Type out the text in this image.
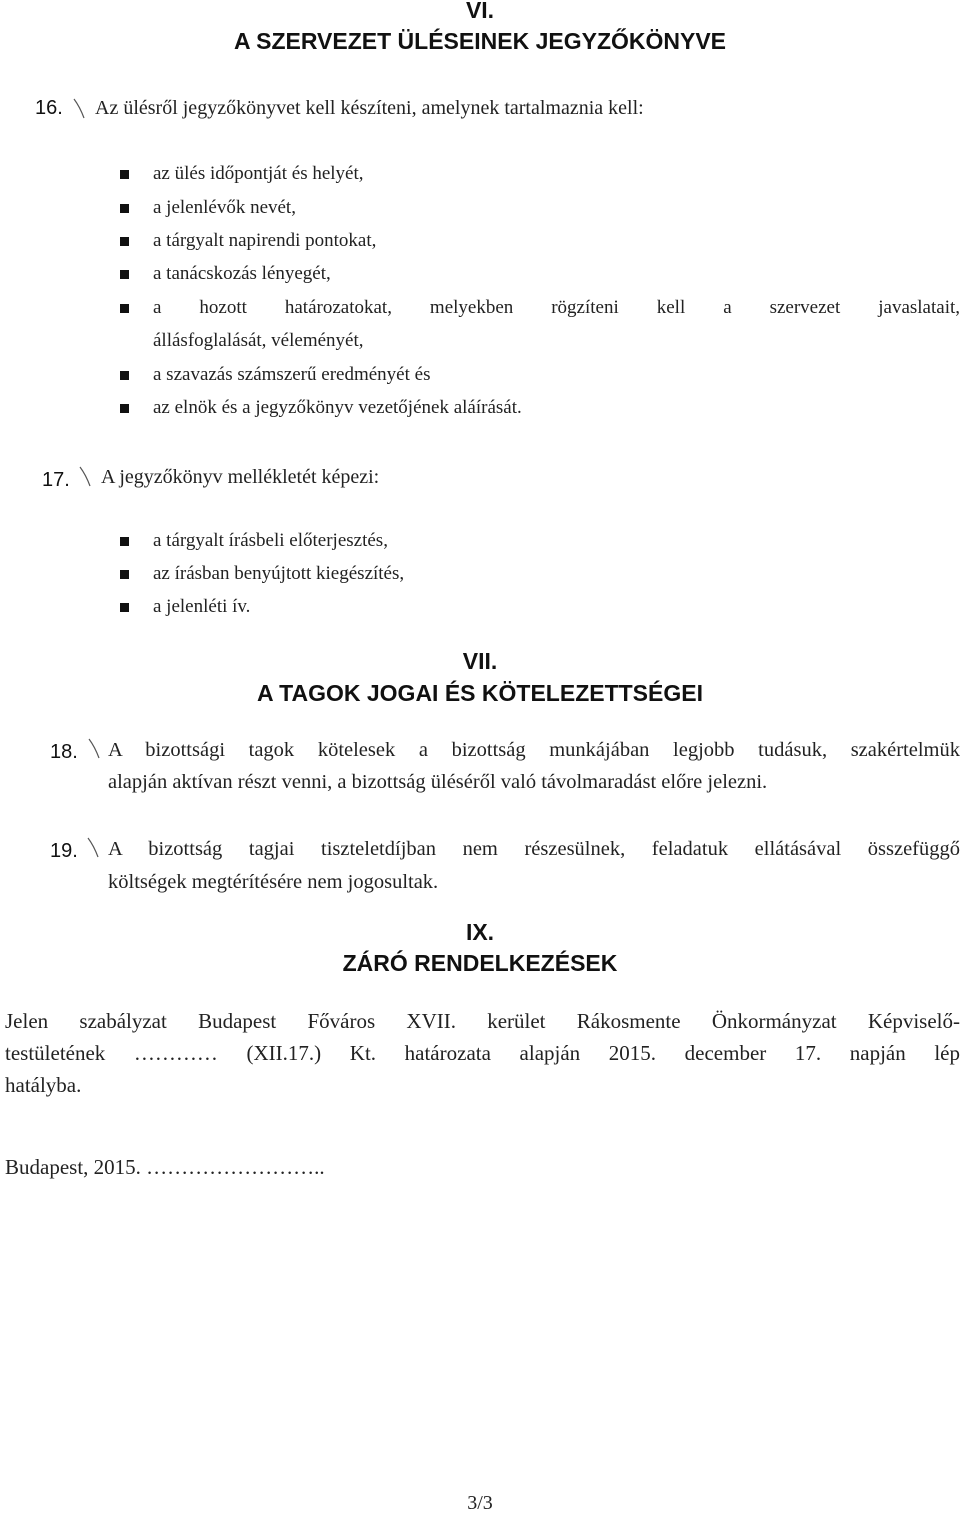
VI.
A SZERVEZET ÜLÉSEINEK JEGYZŐKÖNYVE
16. Az ülésről jegyzőkönyvet kell készíteni, amelynek tartalmaznia kell:
az ülés időpontját és helyét,
a jelenlévők nevét,
a tárgyalt napirendi pontokat,
a tanácskozás lényegét,
a hozott határozatokat, melyekben rögzíteni kell a szervezet javaslatait,
állásfoglalását, véleményét,
a szavazás számszerű eredményét és
az elnök és a jegyzőkönyv vezetőjének aláírását.
17. A jegyzőkönyv mellékletét képezi:
a tárgyalt írásbeli előterjesztés,
az írásban benyújtott kiegészítés,
a jelenléti ív.
VII.
A TAGOK JOGAI ÉS KÖTELEZETTSÉGEI
18. A bizottsági tagok kötelesek a bizottság munkájában legjobb tudásuk, szakértelmük
alapján aktívan részt venni, a bizottság üléséről való távolmaradást előre jelezni.
19. A bizottság tagjai tiszteletdíjban nem részesülnek, feladatuk ellátásával összefüggő
költségek megtérítésére nem jogosultak.
IX.
ZÁRÓ RENDELKEZÉSEK
Jelen szabályzat Budapest Főváros XVII. kerület Rákosmente Önkormányzat Képviselő-
testületének ………… (XII.17.) Kt. határozata alapján 2015. december 17. napján lép
hatályba.
Budapest, 2015. ……………………..
3/3
